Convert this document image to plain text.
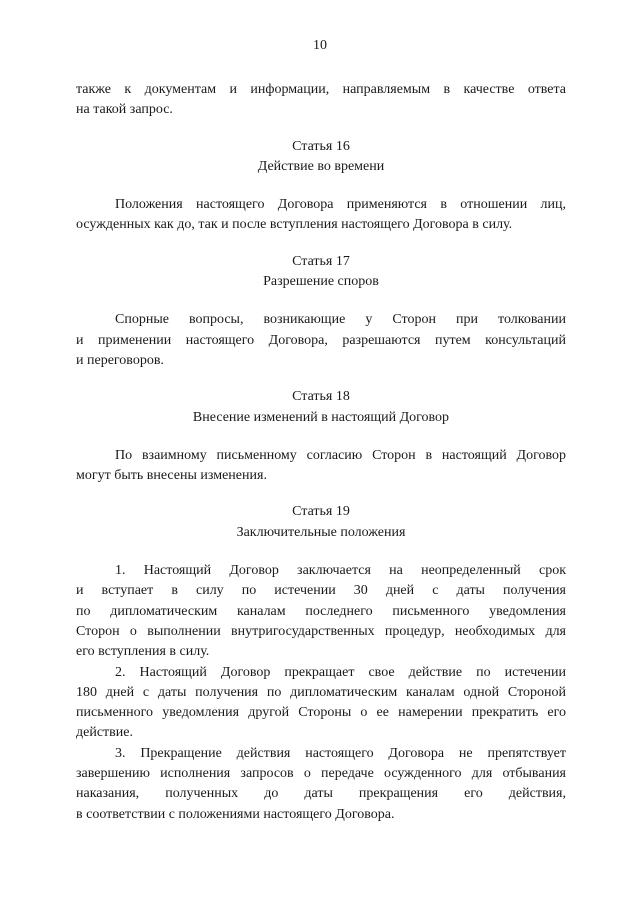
10
также к документам и информации, направляемым в качестве ответа
на такой запрос.
Статья 16
Действие во времени
Положения настоящего Договора применяются в отношении лиц,
осужденных как до, так и после вступления настоящего Договора в силу.
Статья 17
Разрешение споров
Спорные вопросы, возникающие у Сторон при толковании
и применении настоящего Договора, разрешаются путем консультаций
и переговоров.
Статья 18
Внесение изменений в настоящий Договор
По взаимному письменному согласию Сторон в настоящий Договор
могут быть внесены изменения.
Статья 19
Заключительные положения
1. Настоящий Договор заключается на неопределенный срок
и вступает в силу по истечении 30 дней с даты получения
по дипломатическим каналам последнего письменного уведомления
Сторон о выполнении внутригосударственных процедур, необходимых для
его вступления в силу.
2. Настоящий Договор прекращает свое действие по истечении
180 дней с даты получения по дипломатическим каналам одной Стороной
письменного уведомления другой Стороны о ее намерении прекратить его
действие.
3. Прекращение действия настоящего Договора не препятствует
завершению исполнения запросов о передаче осужденного для отбывания
наказания, полученных до даты прекращения его действия,
в соответствии с положениями настоящего Договора.
